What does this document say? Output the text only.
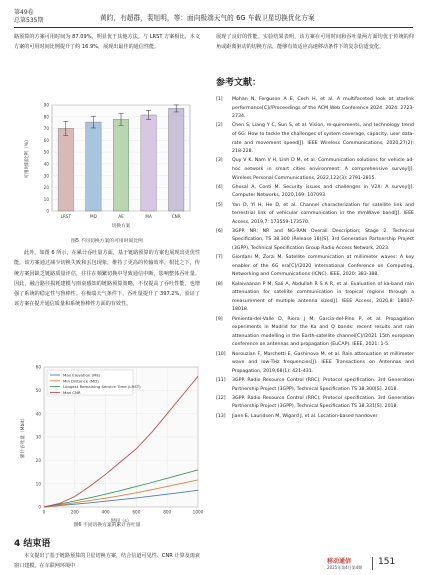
第49卷
总第535期	黄昀，有超群，裴旭明，等：面向极端天气的 6G 车载卫星切换优化方案

路预算的方案可用时间为 87.09%，明显优于其他方法。与 LRST 方案相比，本文方案的可用时间比例提升了约 16.9%，展现出最佳的通信性能。

0
10
20
30
40
50
60
70
80
90
LRST	MD	AE	MA	CNR
切换方案
可用时间比例（%）
图5 不同切换方案的可用时间比例

此外，如图 6 所示，在累计吞吐量方面，基于链路预算的方案也展现出更优性能。该方案通过减少切换失败和丢包现象，维持了更高的传输效率。相比之下，传统方案因缺乏链路质量评估，往往在频繁切换中导致通信中断，影响整体吞吐量。因此，融合路径损耗建模与雨衰感知的链路预算策略，不仅提高了吞吐性能，也增强了系统的稳定性与鲁棒性。在极端天气条件下，吞吐量提升了 397.2%，验证了该方案在提升通信质量和系统鲁棒性方面的有效性。

0
10
20
30
40
50
60
0	200	400	600	800	1000
Max Elevation (ME)
Min Distance (MD)
Longest Remaining Service Time (LRST)
Max CNR
时间（s）
累计吞吐量（Mbit）
图6 不同切换方案的累计吞吐量
4 结束语

本文提出了基于链路预算的卫星切换方案，结合信道可见性、CNR 计算及雨衰窗口建模，在车联网环境中

展现了良好的性能。实验结果表明，该方案在可用时间和吞吐量两方面均优于传统的仰角或距离驱动的切换方法，能够有效适应高速移动条件下的复杂信道变化。

参考文献：
[1]	Mohan N, Ferguson A E, Cech H, et al. A multifaceted look at starlink performance[C]//Proceedings of the ACM Web Conference 2024. 2024: 2723-2734.
[2]	Chen S, Liang Y C, Sun S, et al. Vision, re-quirements, and technology trend of 6G: How to tackle the challenges of system coverage, capacity, user data-rate and movement speed[J]. IEEE Wireless Communications, 2020,27(2): 218-228.
[3]	Quy V K, Nam V H, Linh D M, et al. Communication solutions for vehicle ad-hoc network in smart cities environment: A comprehensive survey[J]. Wireless Personal Communications, 2022,122(3): 2791-2815.
[4]	Ghosal A, Conti M. Security issues and challenges in V2X: A survey[J]. Computer Networks, 2020,169: 107093.
[5]	Yan D, Yi H, He D, et al. Channel characterization for satellite link and terrestrial link of vehicular communication in the mmWave band[J]. IEEE Access, 2019,7: 173559-173570.
[6]	3GPP. NR; NR and NG-RAN Overall Description; Stage 2. Technical Specification, TS 38.300 (Release 18)[S]. 3rd Generation Partnership Project (3GPP), Technical Specification Group Radio Access Network, 2023.
[7]	Giordani M, Zorzi M. Satellite communication at millimeter waves: A key enabler of the 6G era[C]//2020 International Conference on Computing, Networking and Communications (ICNC). IEEE, 2020: 383-388.
[8]	Kalaivaanan P M, Sali A, Abdullah R S A R, et al. Evaluation of ka-band rain attenuation for satellite communication in tropical regions through a measurement of multiple antenna sizes[J]. IEEE Access, 2020,8: 18007-18018.
[9]	Pimienta-del-Valle D, Riera J M, Garcia-del-Pino P, et al. Propagation experiments in Madrid for the Ka and Q bands: recent results and rain attenuation modelling in the Earth-satellite channel[C]//2021 15th european conference on antennas and propagation (EuCAP). IEEE, 2021: 1-5.
[10]	Norouzian F, Marchetti E, Gashinova M, et al. Rain attenuation at millimeter wave and low-THz frequencies[J]. IEEE Transactions on Antennas and Propagation, 2019,68(1): 421-431.
[11]	3GPP. Radio Resource Control (RRC); Protocol specification. 3rd Generation Partnership Project (3GPP), Technical Specification TS 38.300[S]. 2018.
[12]	3GPP. Radio Resource Control (RRC); Protocol specification. 3rd Generation Partnership Project (3GPP), Technical Specification TS 38.331[S]. 2018.
[13]	Jiaen E, Lauridsen M, Wigard J, et al. Location-based handover
移动通信
2025年第4月第4期
151
